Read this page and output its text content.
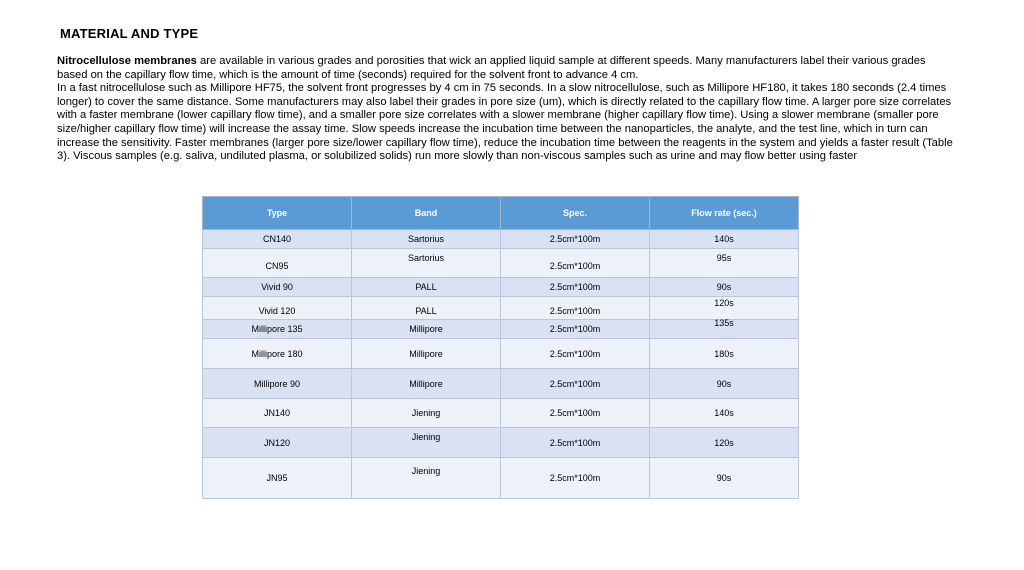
MATERIAL AND TYPE
Nitrocellulose membranes are available in various grades and porosities that wick an applied liquid sample at different speeds. Many manufacturers label their various grades based on the capillary flow time, which is the amount of time (seconds) required for the solvent front to advance 4 cm.
In a fast nitrocellulose such as Millipore HF75, the solvent front progresses by 4 cm in 75 seconds. In a slow nitrocellulose, such as Millipore HF180, it takes 180 seconds (2.4 times longer) to cover the same distance. Some manufacturers may also label their grades in pore size (um), which is directly related to the capillary flow time. A larger pore size correlates with a faster membrane (lower capillary flow time), and a smaller pore size correlates with a slower membrane (higher capillary flow time). Using a slower membrane (smaller pore size/higher capillary flow time) will increase the assay time. Slow speeds increase the incubation time between the nanoparticles, the analyte, and the test line, which in turn can increase the sensitivity. Faster membranes (larger pore size/lower capillary flow time), reduce the incubation time between the reagents in the system and yields a faster result (Table 3). Viscous samples (e.g. saliva, undiluted plasma, or solubilized solids) run more slowly than non-viscous samples such as urine and may flow better using faster
Type	Band	Spec.	Flow rate (sec.)
CN140	Sartorius	2.5cm*100m	140s
CN95	Sartorius	2.5cm*100m	95s

Vivid 90	PALL	2.5cm*100m	90s
Vivid 120	PALL	2.5cm*100m	120s

Millipore 135	Millipore	2.5cm*100m	135s

Millipore 180	Millipore	2.5cm*100m	180s
Millipore 90	Millipore	2.5cm*100m	90s
JN140	Jiening	2.5cm*100m	140s
JN120	Jiening	2.5cm*100m	120s
JN95	Jiening	2.5cm*100m	90s
